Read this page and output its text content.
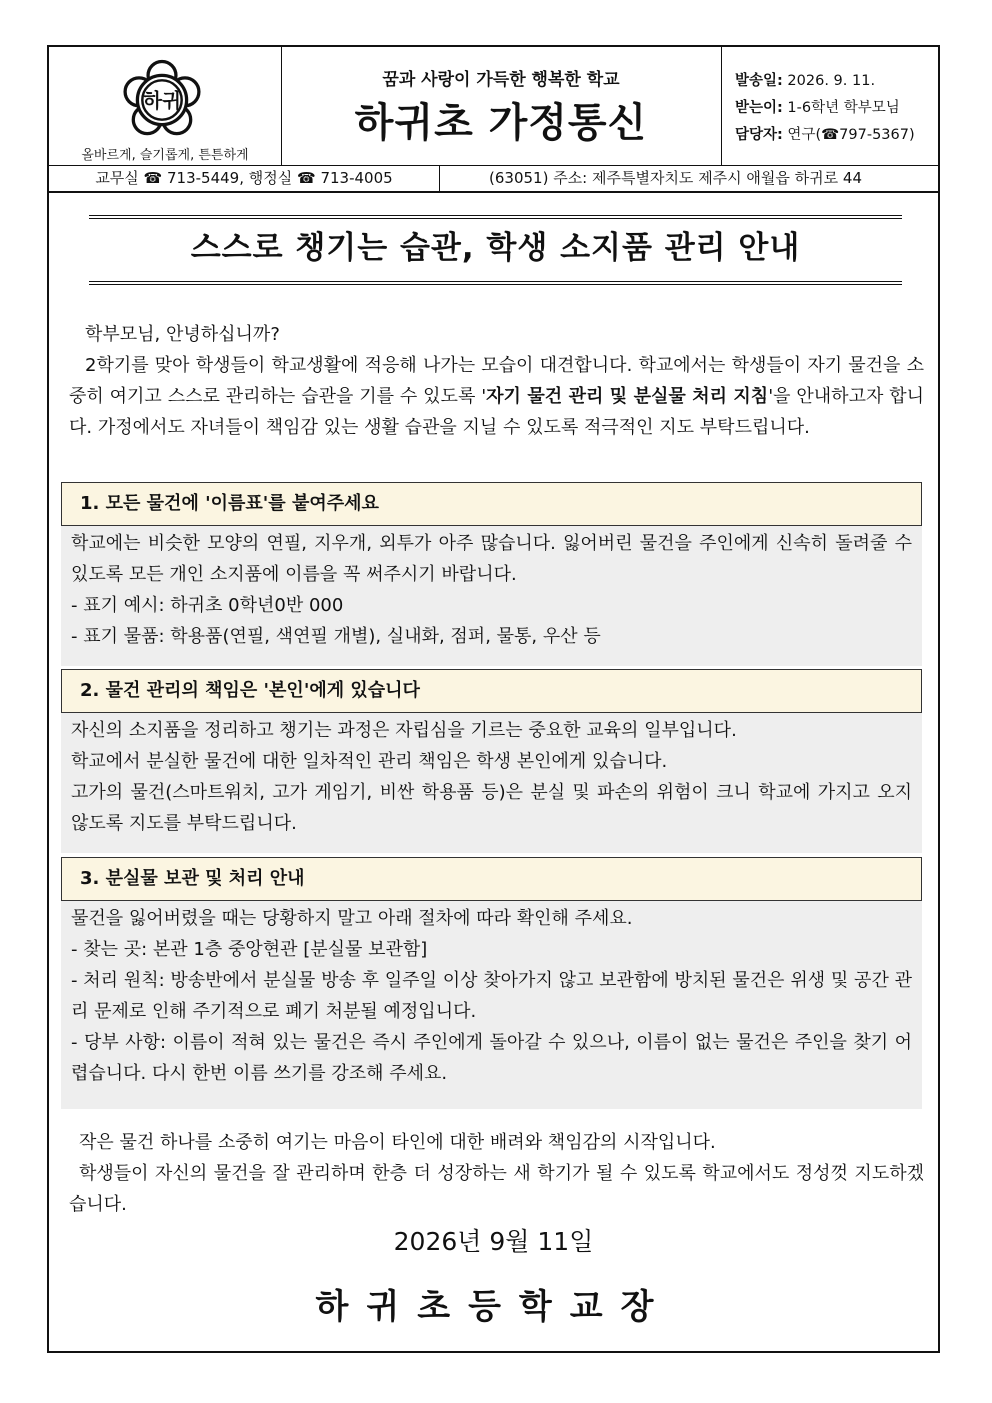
하귀
올바르게, 슬기롭게, 튼튼하게
꿈과 사랑이 가득한 행복한 학교
하귀초 가정통신
발송일: 2026. 9. 11.
받는이: 1-6학년 학부모님
담당자: 연구(☎797-5367)
교무실 ☎ 713-5449, 행정실 ☎ 713-4005	(63051) 주소: 제주특별자치도 제주시 애월읍 하귀로 44
스스로 챙기는 습관, 학생 소지품 관리 안내

학부모님, 안녕하십니까?

2학기를 맞아 학생들이 학교생활에 적응해 나가는 모습이 대견합니다. 학교에서는 학생들이 자기 물건을 소중히 여기고 스스로 관리하는 습관을 기를 수 있도록 '자기 물건 관리 및 분실물 처리 지침'을 안내하고자 합니다. 가정에서도 자녀들이 책임감 있는 생활 습관을 지닐 수 있도록 적극적인 지도 부탁드립니다.

1. 모든 물건에 '이름표'를 붙여주세요

학교에는 비슷한 모양의 연필, 지우개, 외투가 아주 많습니다. 잃어버린 물건을 주인에게 신속히 돌려줄 수 있도록 모든 개인 소지품에 이름을 꼭 써주시기 바랍니다.

- 표기 예시: 하귀초 0학년0반 000

- 표기 물품: 학용품(연필, 색연필 개별), 실내화, 점퍼, 물통, 우산 등

2. 물건 관리의 책임은 '본인'에게 있습니다

자신의 소지품을 정리하고 챙기는 과정은 자립심을 기르는 중요한 교육의 일부입니다.

학교에서 분실한 물건에 대한 일차적인 관리 책임은 학생 본인에게 있습니다.

고가의 물건(스마트워치, 고가 게임기, 비싼 학용품 등)은 분실 및 파손의 위험이 크니 학교에 가지고 오지 않도록 지도를 부탁드립니다.

3. 분실물 보관 및 처리 안내

물건을 잃어버렸을 때는 당황하지 말고 아래 절차에 따라 확인해 주세요.

- 찾는 곳: 본관 1층 중앙현관 [분실물 보관함]

- 처리 원칙: 방송반에서 분실물 방송 후 일주일 이상 찾아가지 않고 보관함에 방치된 물건은 위생 및 공간 관리 문제로 인해 주기적으로 폐기 처분될 예정입니다.

- 당부 사항: 이름이 적혀 있는 물건은 즉시 주인에게 돌아갈 수 있으나, 이름이 없는 물건은 주인을 찾기 어렵습니다. 다시 한번 이름 쓰기를 강조해 주세요.

작은 물건 하나를 소중히 여기는 마음이 타인에 대한 배려와 책임감의 시작입니다.

학생들이 자신의 물건을 잘 관리하며 한층 더 성장하는 새 학기가 될 수 있도록 학교에서도 정성껏 지도하겠습니다.

2026년 9월 11일
하귀초등학교장
